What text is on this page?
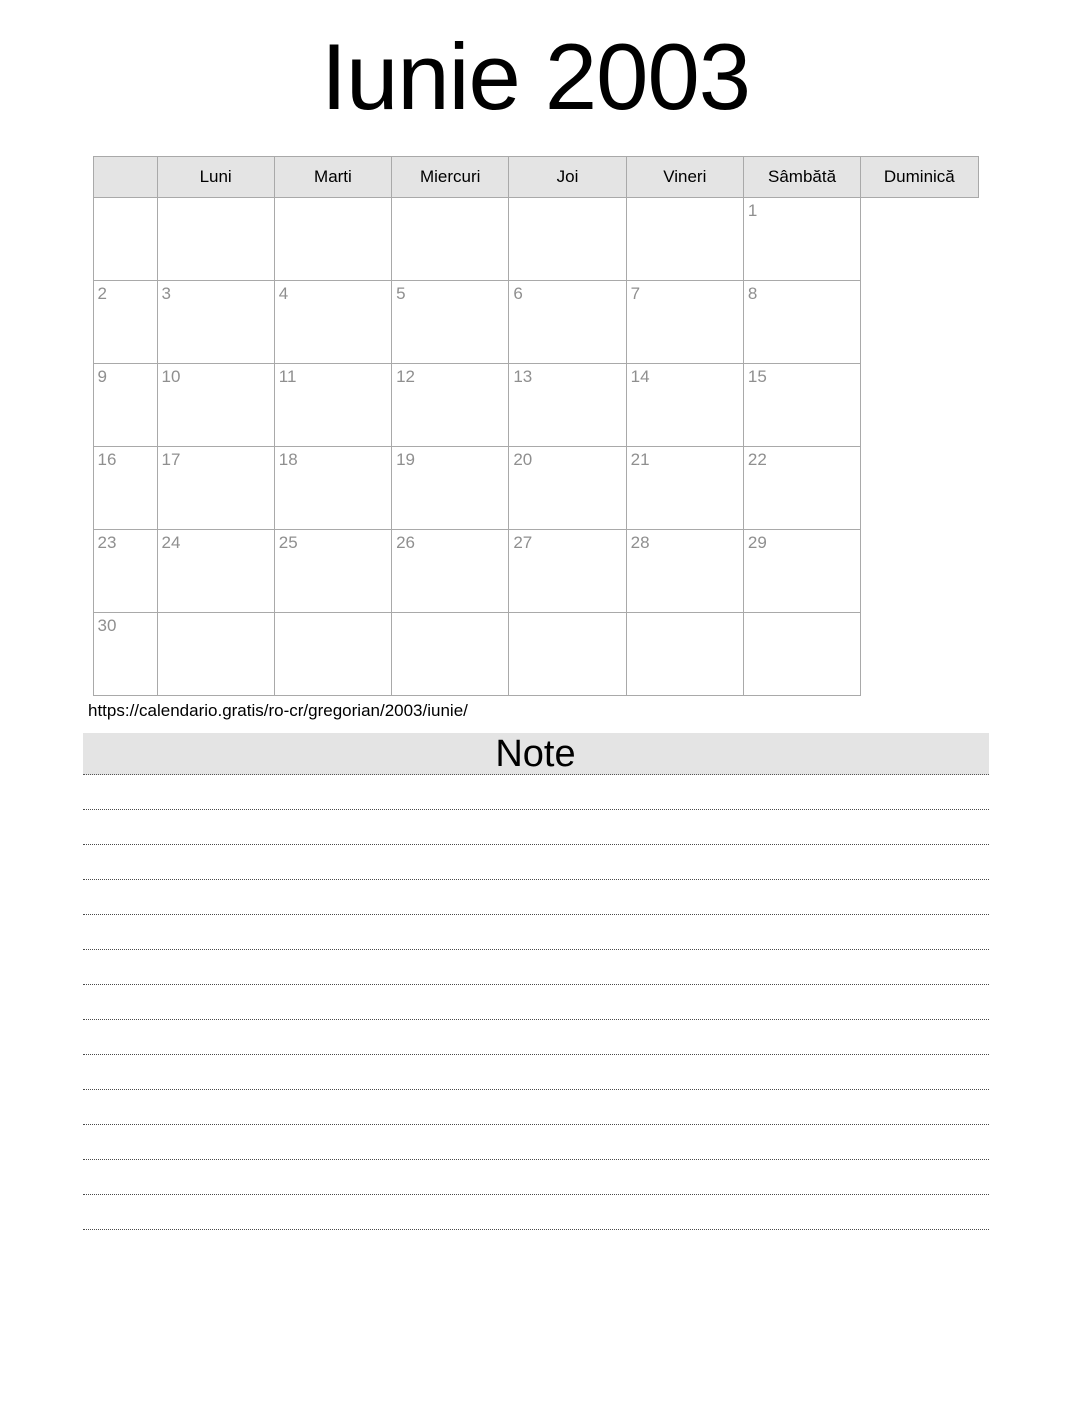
Iunie 2003
	Luni	Marti	Miercuri	Joi	Vineri	Sâmbătă	Duminică
						1	
2	3	4	5	6	7	8	
9	10	11	12	13	14	15	
16	17	18	19	20	21	22	
23	24	25	26	27	28	29	
30							

https://calendario.gratis/ro-cr/gregorian/2003/iunie/

Note
